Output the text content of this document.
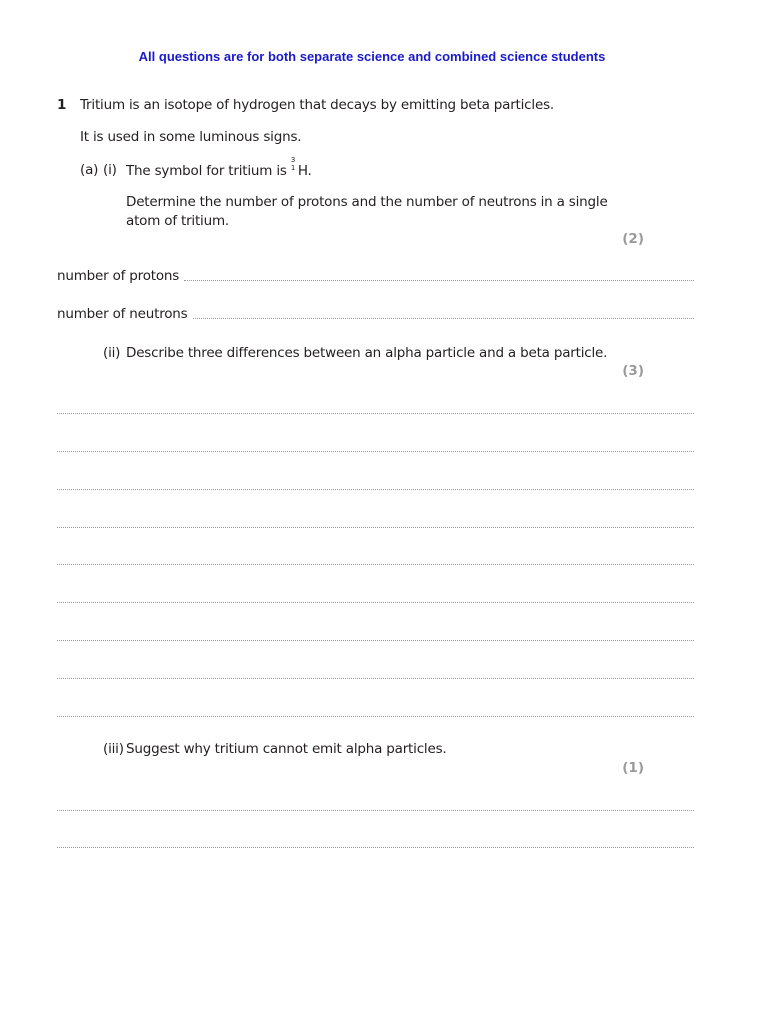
All questions are for both separate science and combined science students
1 Tritium is an isotope of hydrogen that decays by emitting beta particles.
It is used in some luminous signs.
(a) (i) The symbol for tritium is
3
1 H.
Determine the number of protons and the number of neutrons in a single
atom of tritium.
(2)
number of protons
number of neutrons
(ii) Describe three differences between an alpha particle and a beta particle.
(3)
(iii) Suggest why tritium cannot emit alpha particles.
(1)
